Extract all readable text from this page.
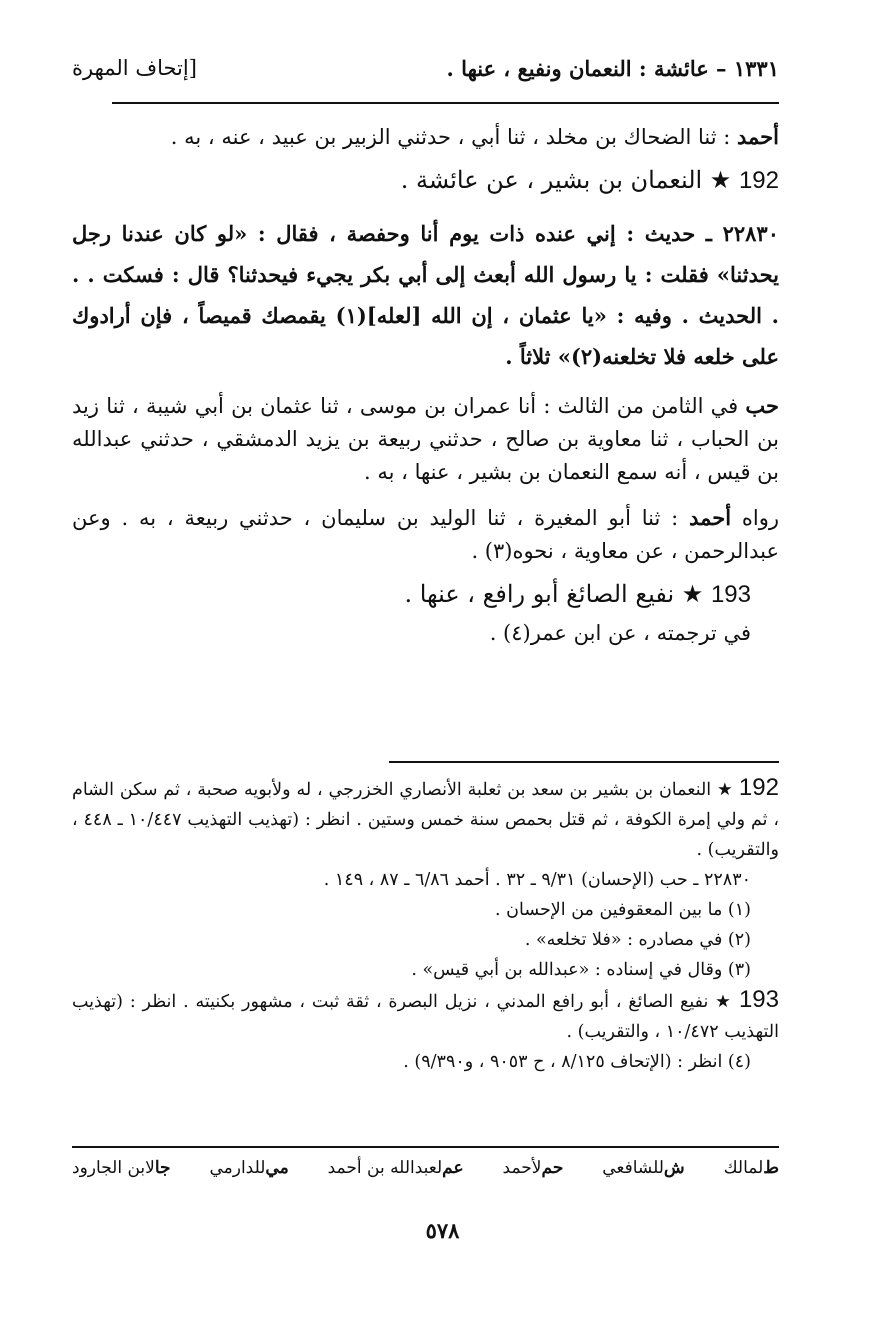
١٣٣١ – عائشة : النعمان ونفيع ، عنها .
[إتحاف المهرة

أحمد : ثنا الضحاك بن مخلد ، ثنا أبي ، حدثني الزبير بن عبيد ، عنه ، به .

192 ★ النعمان بن بشير ، عن عائشة .

٢٢٨٣٠ ـ حديث : إني عنده ذات يوم أنا وحفصة ، فقال : «لو كان عندنا رجل يحدثنا» فقلت : يا رسول الله أبعث إلى أبي بكر يجيء فيحدثنا؟ قال : فسكت . . . الحديث . وفيه : «يا عثمان ، إن الله [لعله](١) يقمصك قميصاً ، فإن أرادوك على خلعه فلا تخلعنه(٢)» ثلاثاً .

حب في الثامن من الثالث : أنا عمران بن موسى ، ثنا عثمان بن أبي شيبة ، ثنا زيد بن الحباب ، ثنا معاوية بن صالح ، حدثني ربيعة بن يزيد الدمشقي ، حدثني عبدالله بن قيس ، أنه سمع النعمان بن بشير ، عنها ، به .

رواه أحمد : ثنا أبو المغيرة ، ثنا الوليد بن سليمان ، حدثني ربيعة ، به . وعن عبدالرحمن ، عن معاوية ، نحوه(٣) .

193 ★ نفيع الصائغ أبو رافع ، عنها .

في ترجمته ، عن ابن عمر(٤) .

192 ★ النعمان بن بشير بن سعد بن ثعلبة الأنصاري الخزرجي ، له ولأبويه صحبة ، ثم سكن الشام ، ثم ولي إمرة الكوفة ، ثم قتل بحمص سنة خمس وستين . انظر : (تهذيب التهذيب ١٠/٤٤٧ ـ ٤٤٨ ، والتقريب) .

٢٢٨٣٠ ـ حب (الإحسان) ٩/٣١ ـ ٣٢ . أحمد ٦/٨٦ ـ ٨٧ ، ١٤٩ .

(١) ما بين المعقوفين من الإحسان .

(٢) في مصادره : «فلا تخلعه» .

(٣) وقال في إسناده : «عبدالله بن أبي قيس» .

193 ★ نفيع الصائغ ، أبو رافع المدني ، نزيل البصرة ، ثقة ثبت ، مشهور بكنيته . انظر : (تهذيب التهذيب ١٠/٤٧٢ ، والتقريب) .

(٤) انظر : (الإتحاف ٨/١٢٥ ، ح ٩٠٥٣ ، و٩/٣٩٠) .

طلمالك
شللشافعي
حملأحمد
عملعبدالله بن أحمد
ميللدارمي
جالابن الجارود
٥٧٨
